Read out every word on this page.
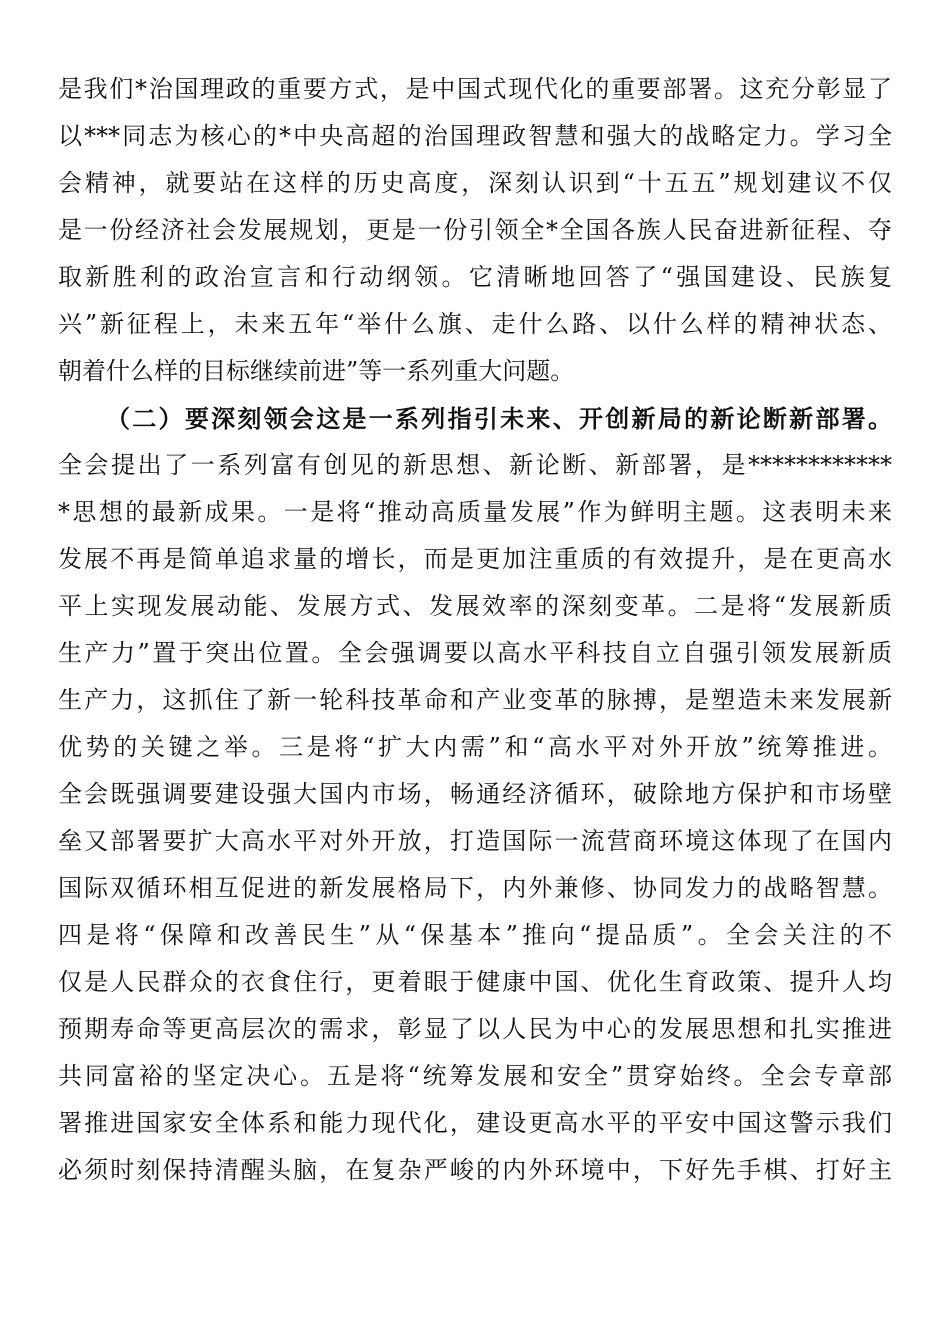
是我们*治国理政的重要方式，是中国式现代化的重要部署。这充分彰显了
以***同志为核心的*中央高超的治国理政智慧和强大的战略定力。学习全
会精神，就要站在这样的历史高度，深刻认识到“十五五”规划建议不仅
是一份经济社会发展规划，更是一份引领全*全国各族人民奋进新征程、夺
取新胜利的政治宣言和行动纲领。它清晰地回答了“强国建设、民族复
兴”新征程上，未来五年“举什么旗、走什么路、以什么样的精神状态、
朝着什么样的目标继续前进”等一系列重大问题。
（二）要深刻领会这是一系列指引未来、开创新局的新论断新部署。
全会提出了一系列富有创见的新思想、新论断、新部署，是************
*思想的最新成果。一是将“推动高质量发展”作为鲜明主题。这表明未来
发展不再是简单追求量的增长，而是更加注重质的有效提升，是在更高水
平上实现发展动能、发展方式、发展效率的深刻变革。二是将“发展新质
生产力”置于突出位置。全会强调要以高水平科技自立自强引领发展新质
生产力，这抓住了新一轮科技革命和产业变革的脉搏，是塑造未来发展新
优势的关键之举。三是将“扩大内需”和“高水平对外开放”统筹推进。
全会既强调要建设强大国内市场，畅通经济循环，破除地方保护和市场壁
垒又部署要扩大高水平对外开放，打造国际一流营商环境这体现了在国内
国际双循环相互促进的新发展格局下，内外兼修、协同发力的战略智慧。
四是将“保障和改善民生”从“保基本”推向“提品质”。全会关注的不
仅是人民群众的衣食住行，更着眼于健康中国、优化生育政策、提升人均
预期寿命等更高层次的需求，彰显了以人民为中心的发展思想和扎实推进
共同富裕的坚定决心。五是将“统筹发展和安全”贯穿始终。全会专章部
署推进国家安全体系和能力现代化，建设更高水平的平安中国这警示我们
必须时刻保持清醒头脑，在复杂严峻的内外环境中，下好先手棋、打好主
